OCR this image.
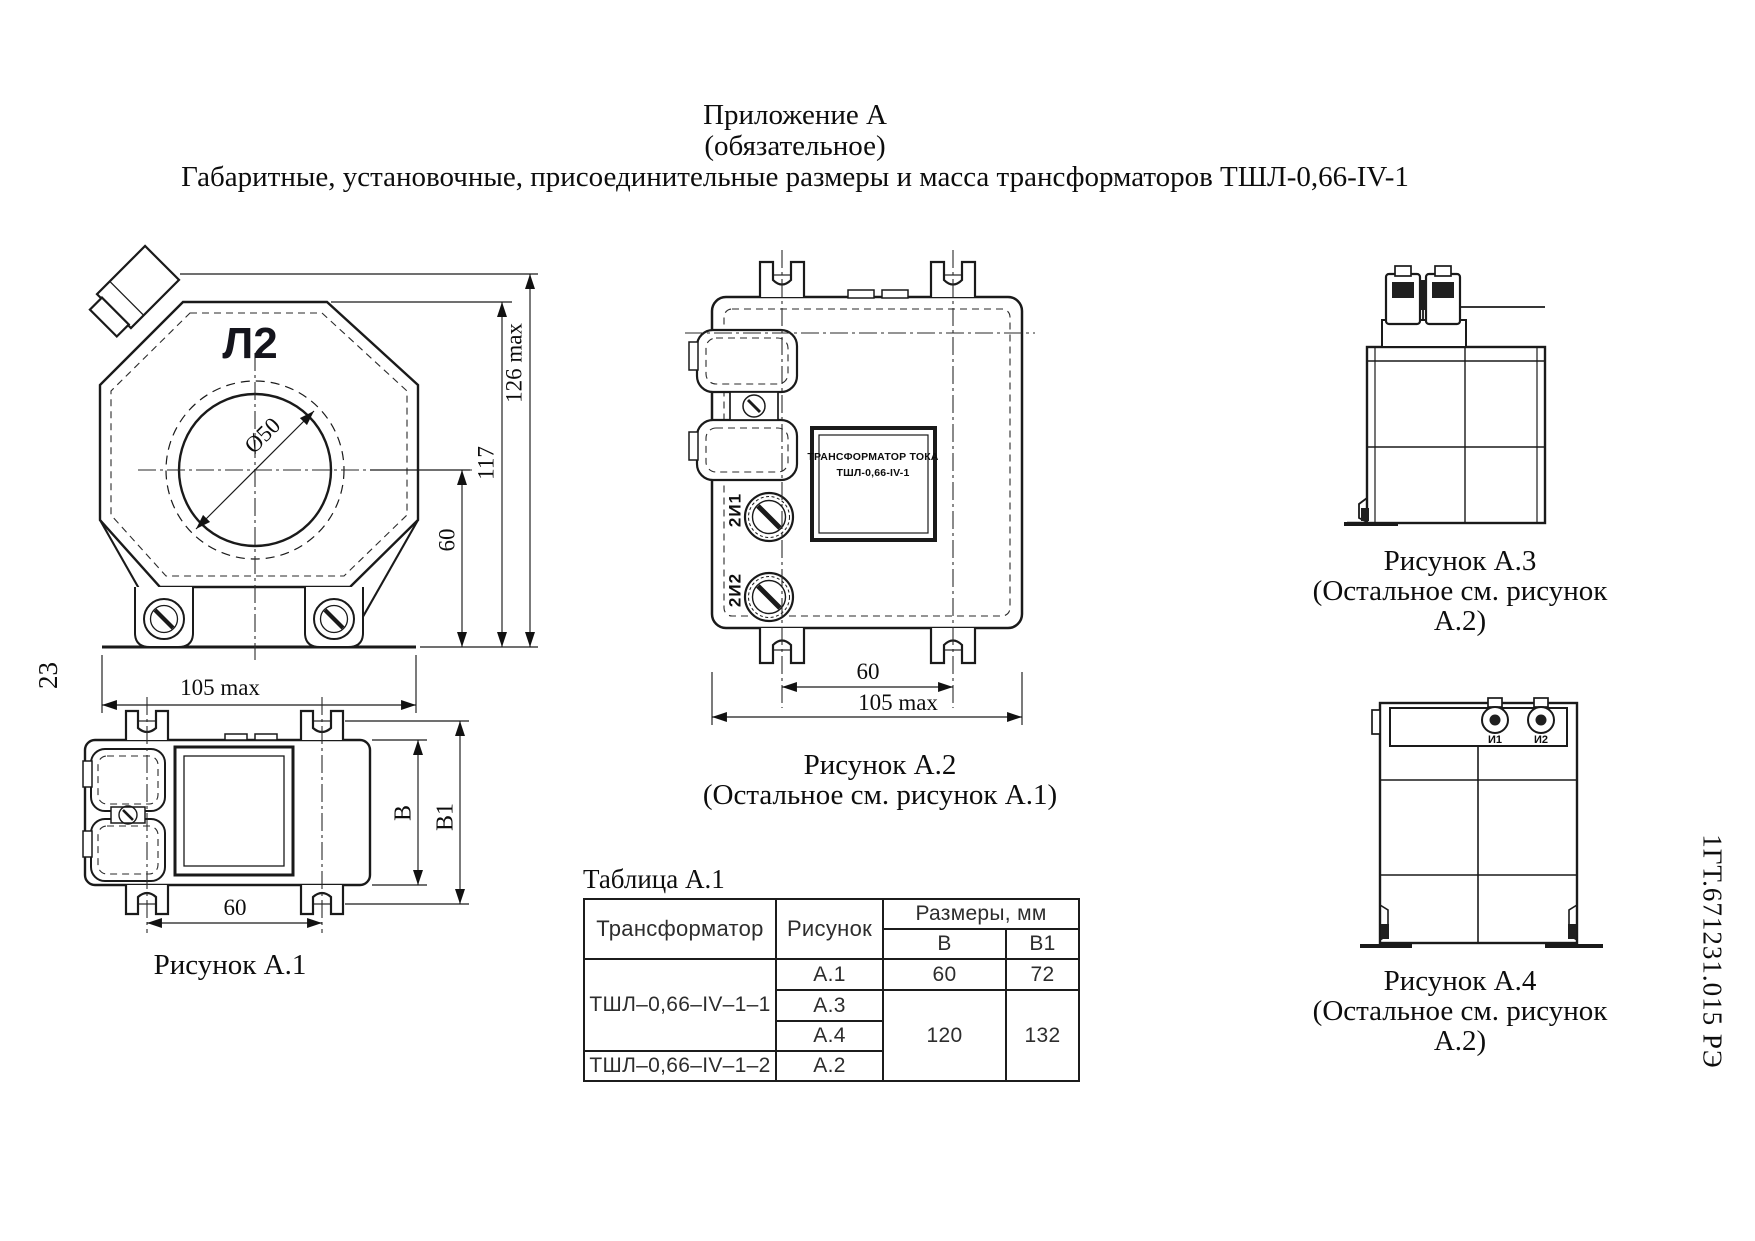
Приложение А
(обязательное)
Габаритные, установочные, присоединительные размеры и масса трансформаторов ТШЛ-0,66-IV-1
23
1ГТ.671231.015 РЭ
Ø50
Л2
117
60
126 max
105 max
В В1
60
Рисунок А.1
2И1
2И2
ТРАНСФОРМАТОР ТОКА
ТШЛ-0,66-IV-1
60
105 max
Рисунок А.2
(Остальное см. рисунок А.1)
Таблица А.1
Трансформатор	Рисунок	Размеры, мм	
		В	В1
ТШЛ–0,66–IV–1–1	А.1	60	72
	А.3	120	132
	А.4		
ТШЛ–0,66–IV–1–2	А.2		
Рисунок А.3
(Остальное см. рисунок А.2)
И1	И2
Рисунок А.4
(Остальное см. рисунок А.2)
